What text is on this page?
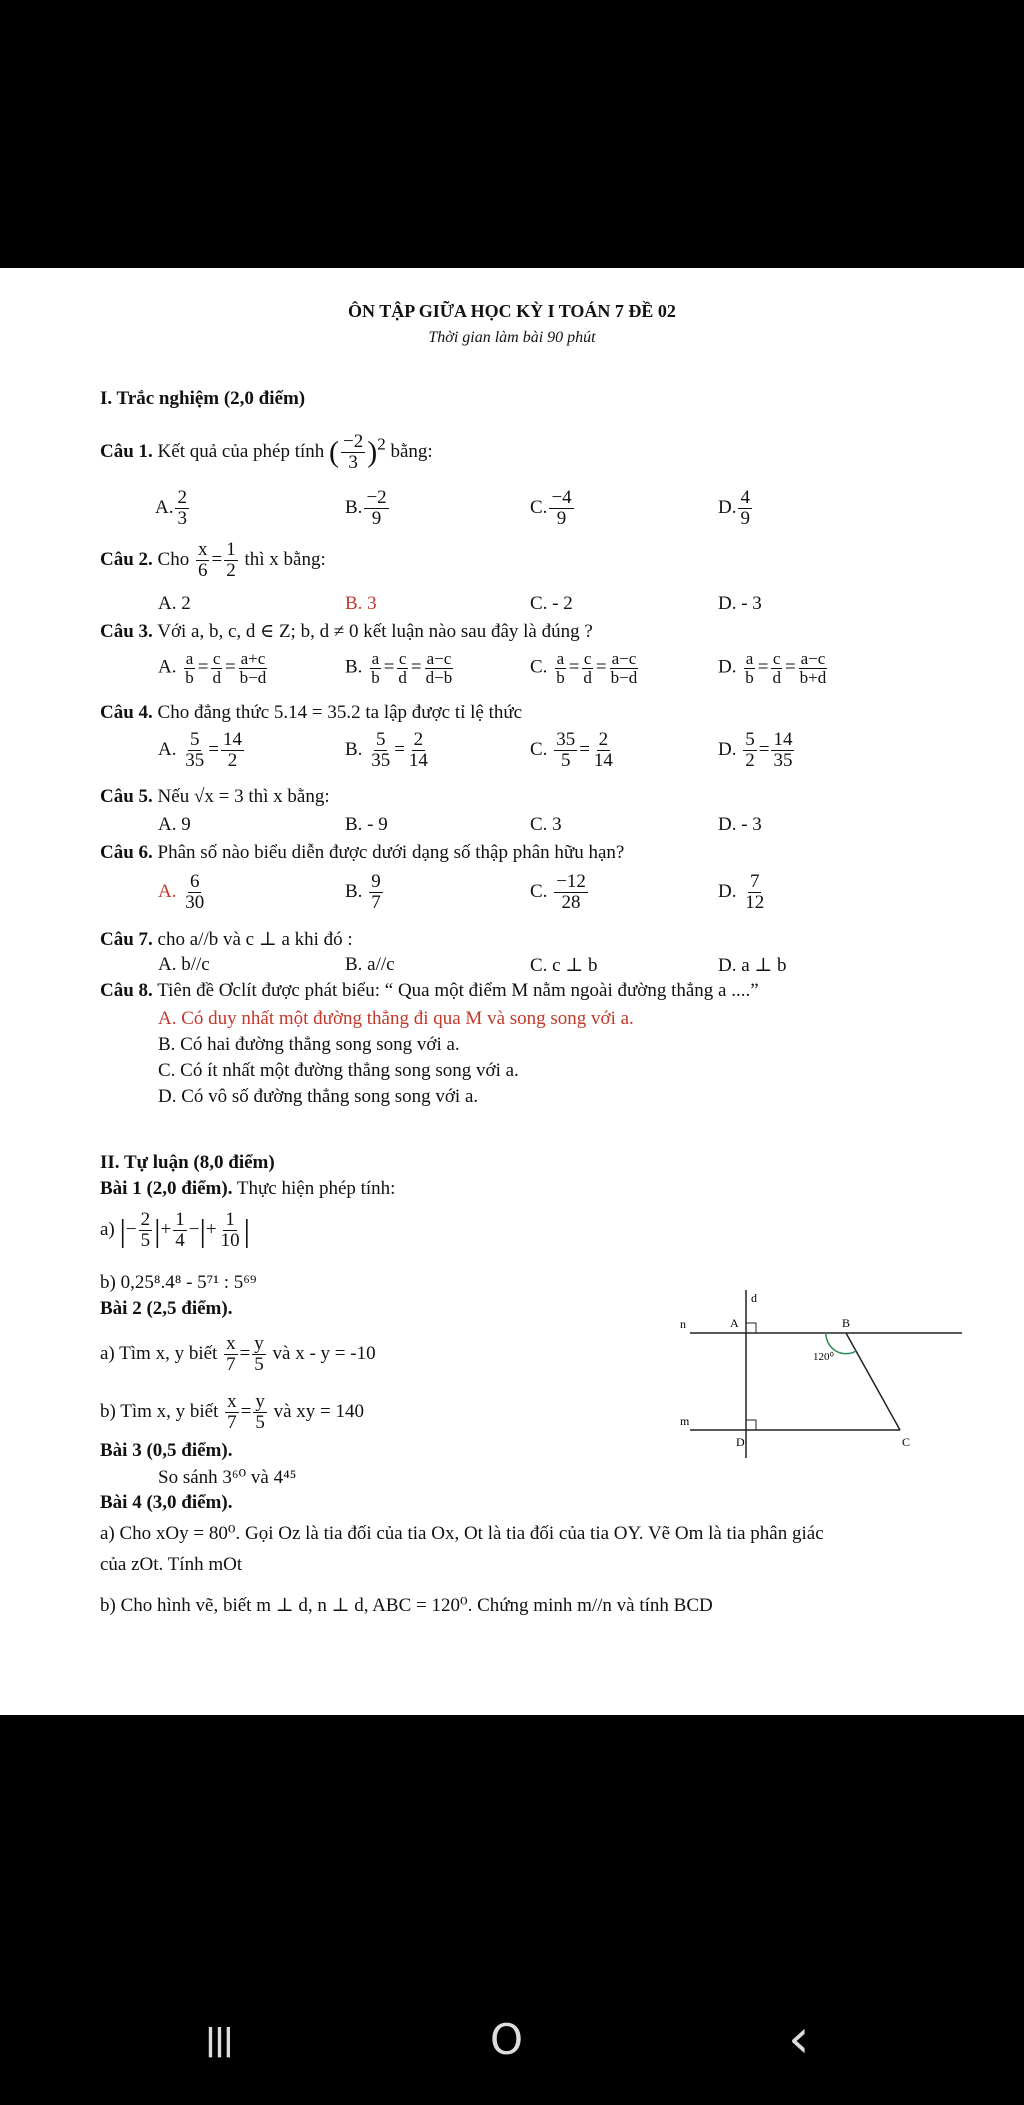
ÔN TẬP GIỮA HỌC KỲ I TOÁN 7 ĐỀ 02
Thời gian làm bài 90 phút
I. Trắc nghiệm (2,0 điểm)
Câu 1. Kết quả của phép tính ( $\frac{-2}{3} )^2$ bằng:
A. $\frac{2}{3}$	B. $\frac{-2}{9}$	C. $\frac{-4}{9}$	D. $\frac{4}{9}$
Câu 2. Cho $\frac{x}{6} = \frac{1}{2}$ thì x bằng:
A. 2	B. 3	C. - 2	D. - 3
Câu 3. Với a, b, c, d ∈ Z; b, d ≠ 0 kết luận nào sau đây là đúng ?
A. $\frac{a}{b} = \frac{c}{d} = \frac{a+c}{b-d}$	B. $\frac{a}{b} = \frac{c}{d} = \frac{a-c}{d-b}$	C. $\frac{a}{b} = \frac{c}{d} = \frac{a-c}{b-d}$	D. $\frac{a}{b} = \frac{c}{d} = \frac{a-c}{b+d}$
Câu 4. Cho đẳng thức 5.14 = 35.2 ta lập được tỉ lệ thức
A. $\frac{5}{35} = \frac{14}{2}$	B. $\frac{5}{35} = \frac{2}{14}$	C. $\frac{35}{5} = \frac{2}{14}$	D. $\frac{5}{2} = \frac{14}{35}$
Câu 5. Nếu √x = 3 thì x bằng:
A. 9	B. - 9	C. 3	D. - 3
Câu 6. Phân số nào biểu diễn được dưới dạng số thập phân hữu hạn?
A. $\frac{6}{30}$	B. $\frac{9}{7}$	C. $\frac{-12}{28}$	D. $\frac{7}{12}$
Câu 7. cho a//b và c ⊥ a khi đó :
A. b//c	B. a//c	C. c ⊥ b	D. a ⊥ b
Câu 8. Tiên đề Ơclít được phát biểu: “ Qua một điểm M nằm ngoài đường thẳng a ....”
A. Có duy nhất một đường thẳng đi qua M và song song với a.
B. Có hai đường thẳng song song với a.
C. Có ít nhất một đường thẳng song song với a.
D. Có vô số đường thẳng song song với a.
II. Tự luận (8,0 điểm)
Bài 1 (2,0 điểm). Thực hiện phép tính:
a) |− $\frac{2}{5}$ |+ $\frac{1}{4}$ −|+ $\frac{1}{10}$ |
b) 0,25⁸.4⁸ - 5⁷¹ : 5⁶⁹
Bài 2 (2,5 điểm).
a) Tìm x, y biết $\frac{x}{7} = \frac{y}{5}$ và x - y = -10
b) Tìm x, y biết $\frac{x}{7} = \frac{y}{5}$ và xy = 140
Bài 3 (0,5 điểm).
So sánh 3⁶⁰ và 4⁴⁵
Bài 4 (3,0 điểm).
a) Cho xOy = 80⁰. Gọi Oz là tia đối của tia Ox, Ot là tia đối của tia OY. Vẽ Om là tia phân giác
của zOt. Tính mOt
b) Cho hình vẽ, biết m ⊥ d, n ⊥ d, ABC = 120⁰. Chứng minh m//n và tính BCD
d
n
m
A	B
D	C
120⁰
|||	O	‹
